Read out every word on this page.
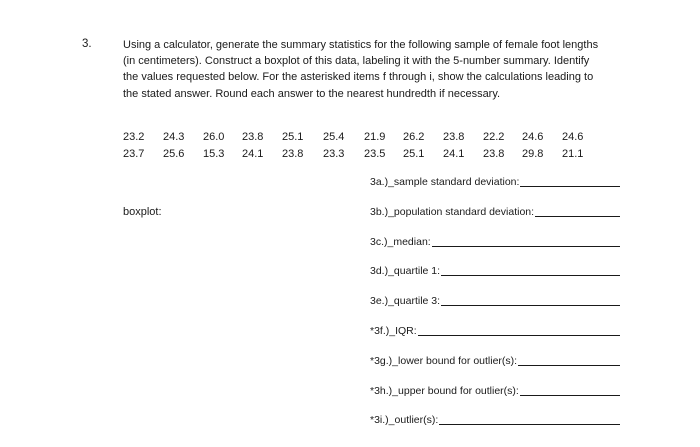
3.	Using a calculator, generate the summary statistics for the following sample of female foot lengths (in centimeters). Construct a boxplot of this data, labeling it with the 5-number summary. Identify the values requested below. For the asterisked items f through i, show the calculations leading to the stated answer. Round each answer to the nearest hundredth if necessary.

23.2	24.3	26.0	23.8	25.1	25.4	21.9	26.2	23.8	22.2	24.6	24.6
23.7	25.6	15.3	24.1	23.8	23.3	23.5	25.1	24.1	23.8	29.8	21.1
boxplot:
3a.)_sample standard deviation:
3b.)_population standard deviation:
3c.)_median:
3d.)_quartile 1:
3e.)_quartile 3:
*3f.)_IQR:
*3g.)_lower bound for outlier(s):
*3h.)_upper bound for outlier(s):
*3i.)_outlier(s):
